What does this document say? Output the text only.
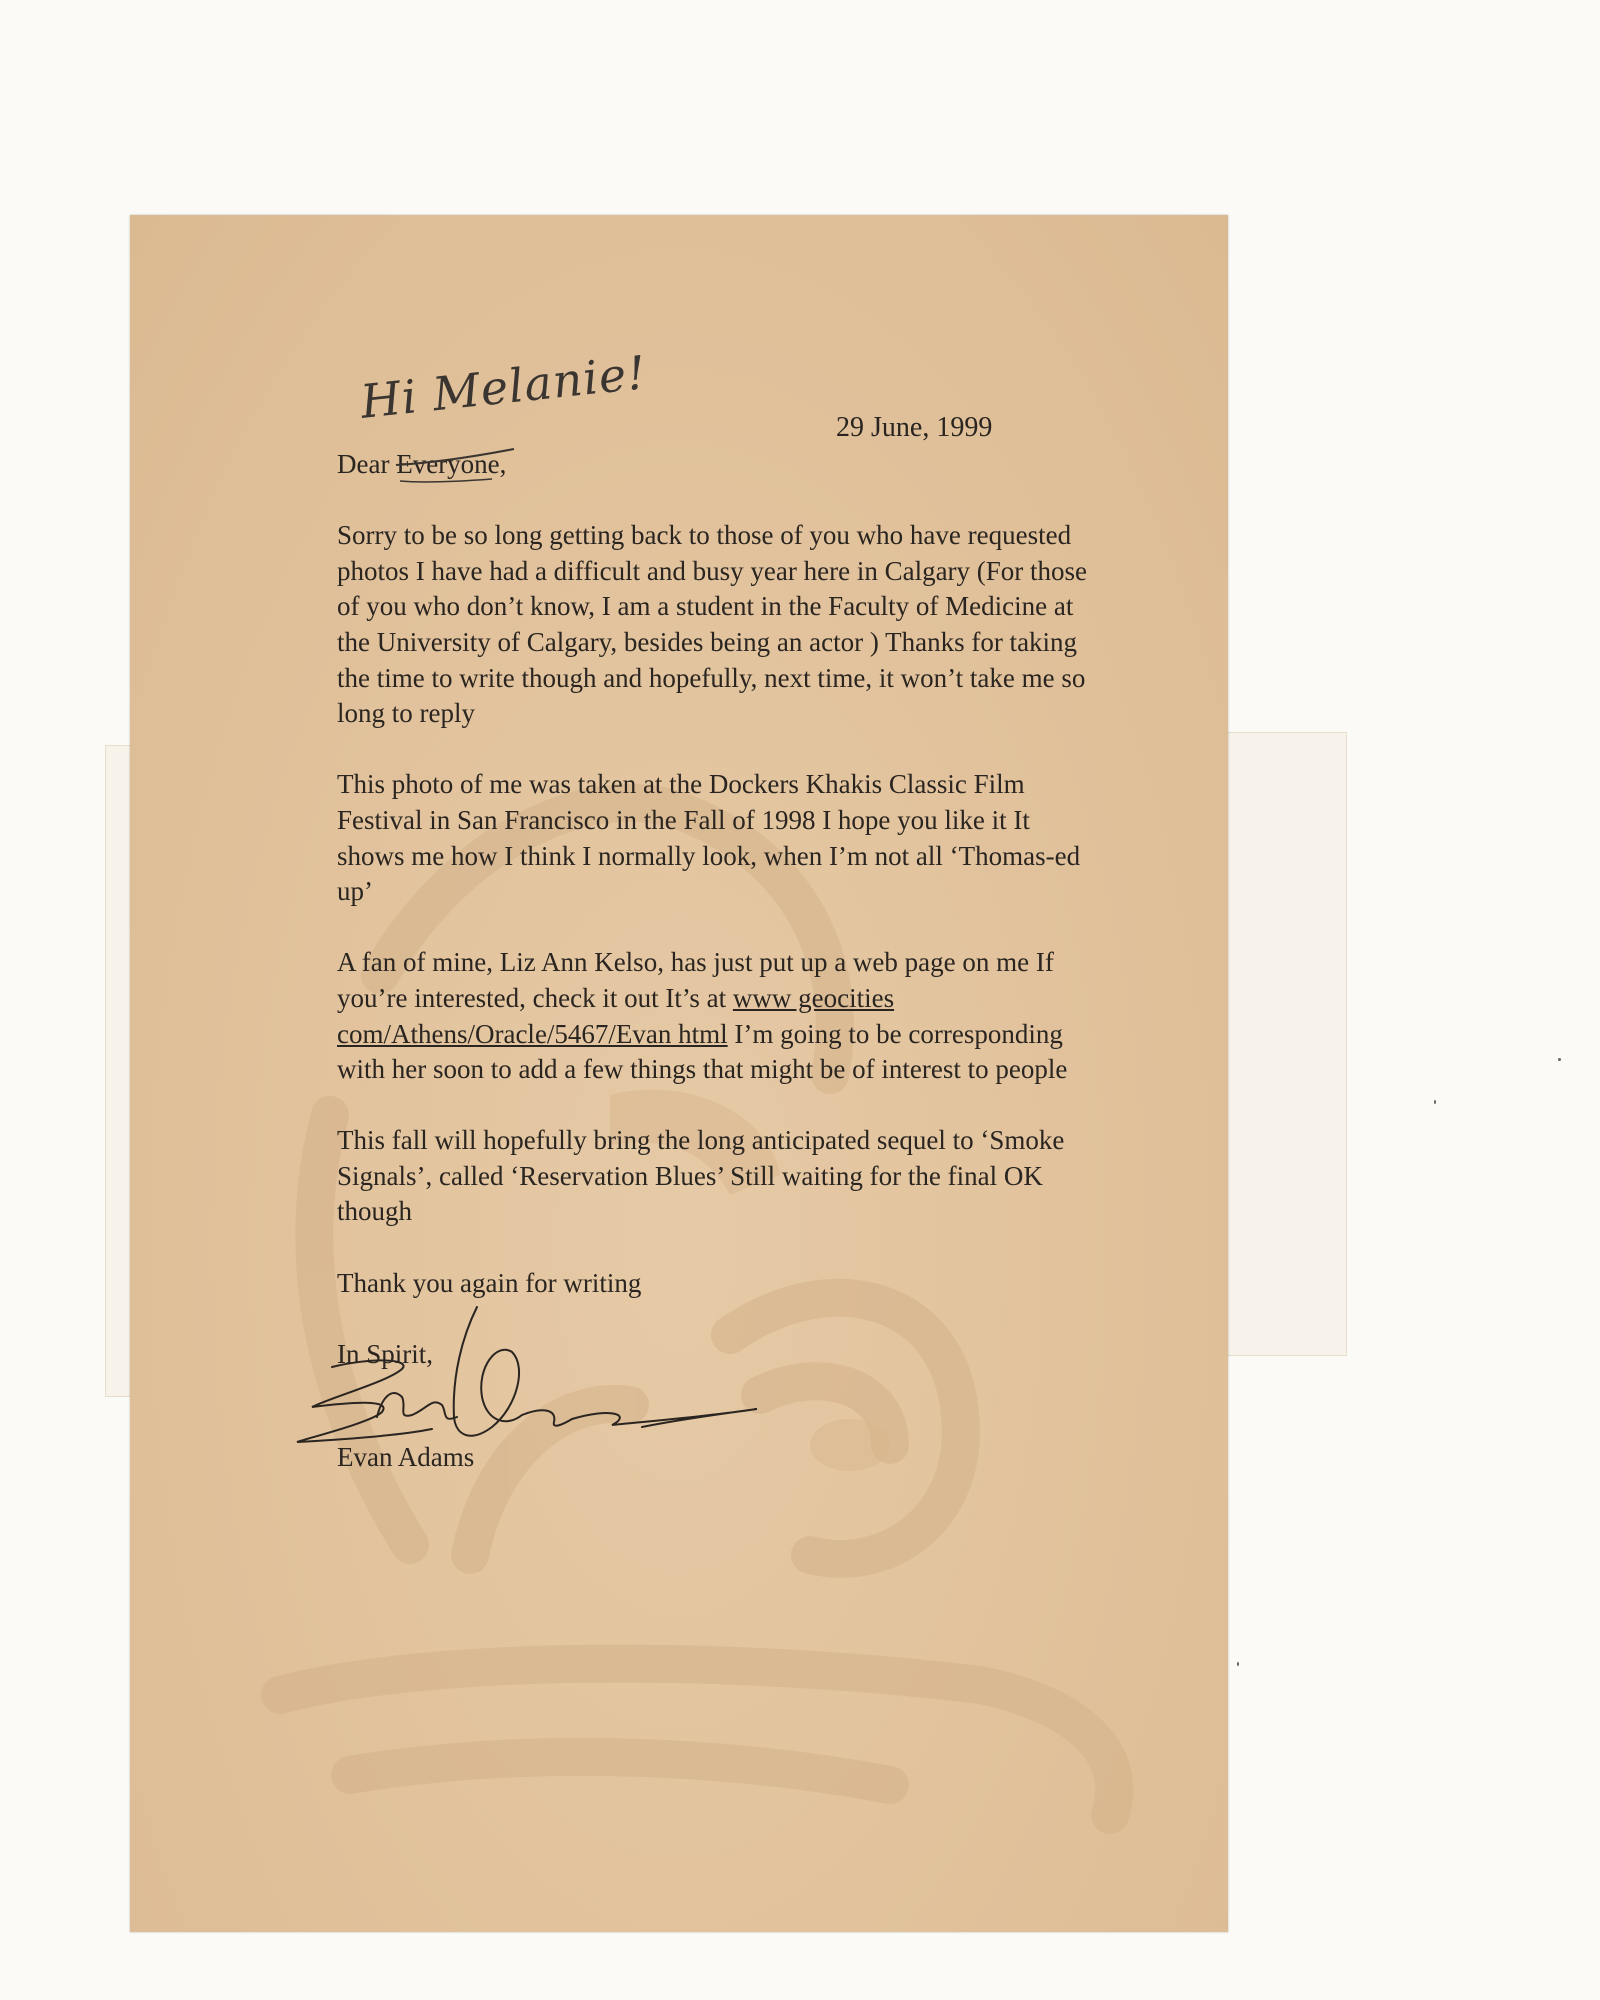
Hi Melanie!	29 June, 1999

Dear Everyone
,

Sorry to be so long getting back to those of you who have requested photos I have had a difficult and busy year here in Calgary (For those of you who don’t know, I am a student in the Faculty of Medicine at the University of Calgary, besides being an actor ) Thanks for taking the time to write though and hopefully, next time, it won’t take me so long to reply

This photo of me was taken at the Dockers Khakis Classic Film Festival in San Francisco in the Fall of 1998 I hope you like it It shows me how I think I normally look, when I’m not all ‘Thomas-ed up’

A fan of mine, Liz Ann Kelso, has just put up a web page on me If you’re interested, check it out It’s at www geocities com/Athens/Oracle/5467/Evan html I’m going to be corresponding with her soon to add a few things that might be of interest to people

This fall will hopefully bring the long anticipated sequel to ‘Smoke Signals’, called ‘Reservation Blues’ Still waiting for the final OK though

Thank you again for writing

In Spirit,

Evan Adams
